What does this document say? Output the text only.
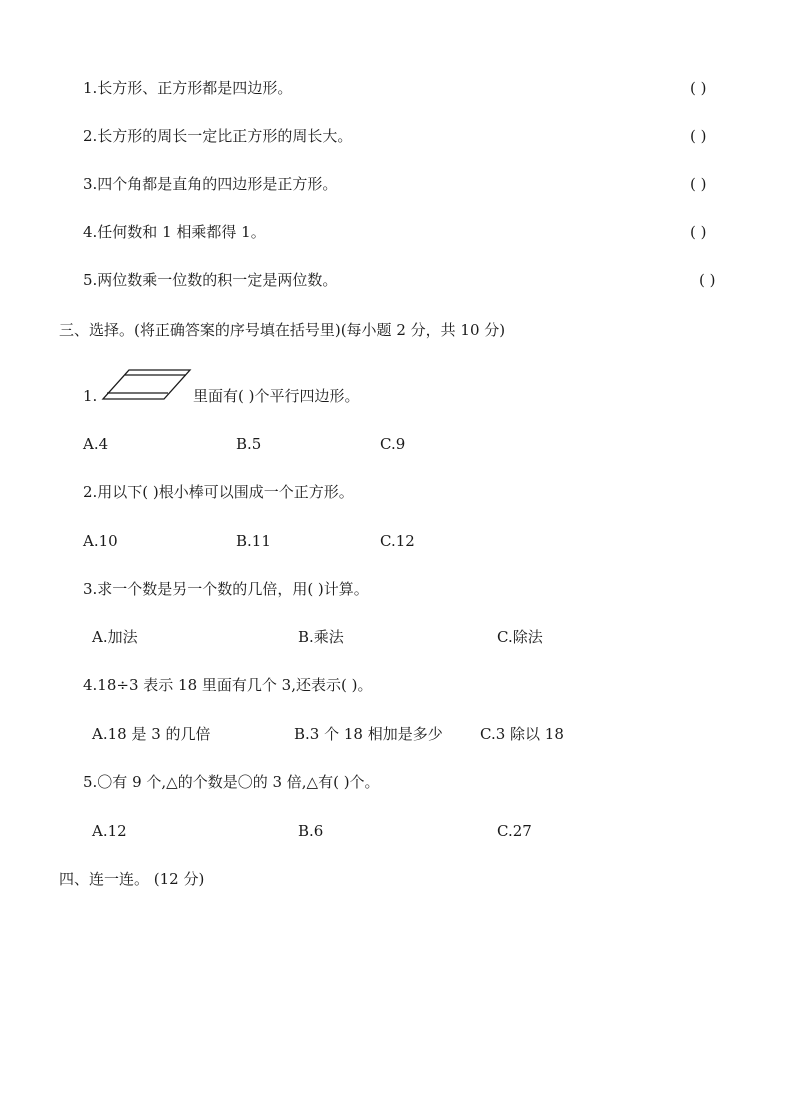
1.长方形、正方形都是四边形。	( )
2.长方形的周长一定比正方形的周长大。	( )
3.四个角都是直角的四边形是正方形。	( )
4.任何数和 1 相乘都得 1。	( )
5.两位数乘一位数的积一定是两位数。	( )
三、选择。(将正确答案的序号填在括号里)(每小题 2 分，共 10 分)
1.	里面有( )个平行四边形。
A.4	B.5	C.9
2.用以下( )根小棒可以围成一个正方形。
A.10	B.11	C.12
3.求一个数是另一个数的几倍，用( )计算。
A.加法	B.乘法	C.除法
4.18÷3 表示 18 里面有几个 3,还表示( )。
A.18 是 3 的几倍	B.3 个 18 相加是多少 C.3 除以 18
5.〇有 9 个,△的个数是〇的 3 倍,△有( )个。
A.12	B.6	C.27
四、连一连。 (12 分)
